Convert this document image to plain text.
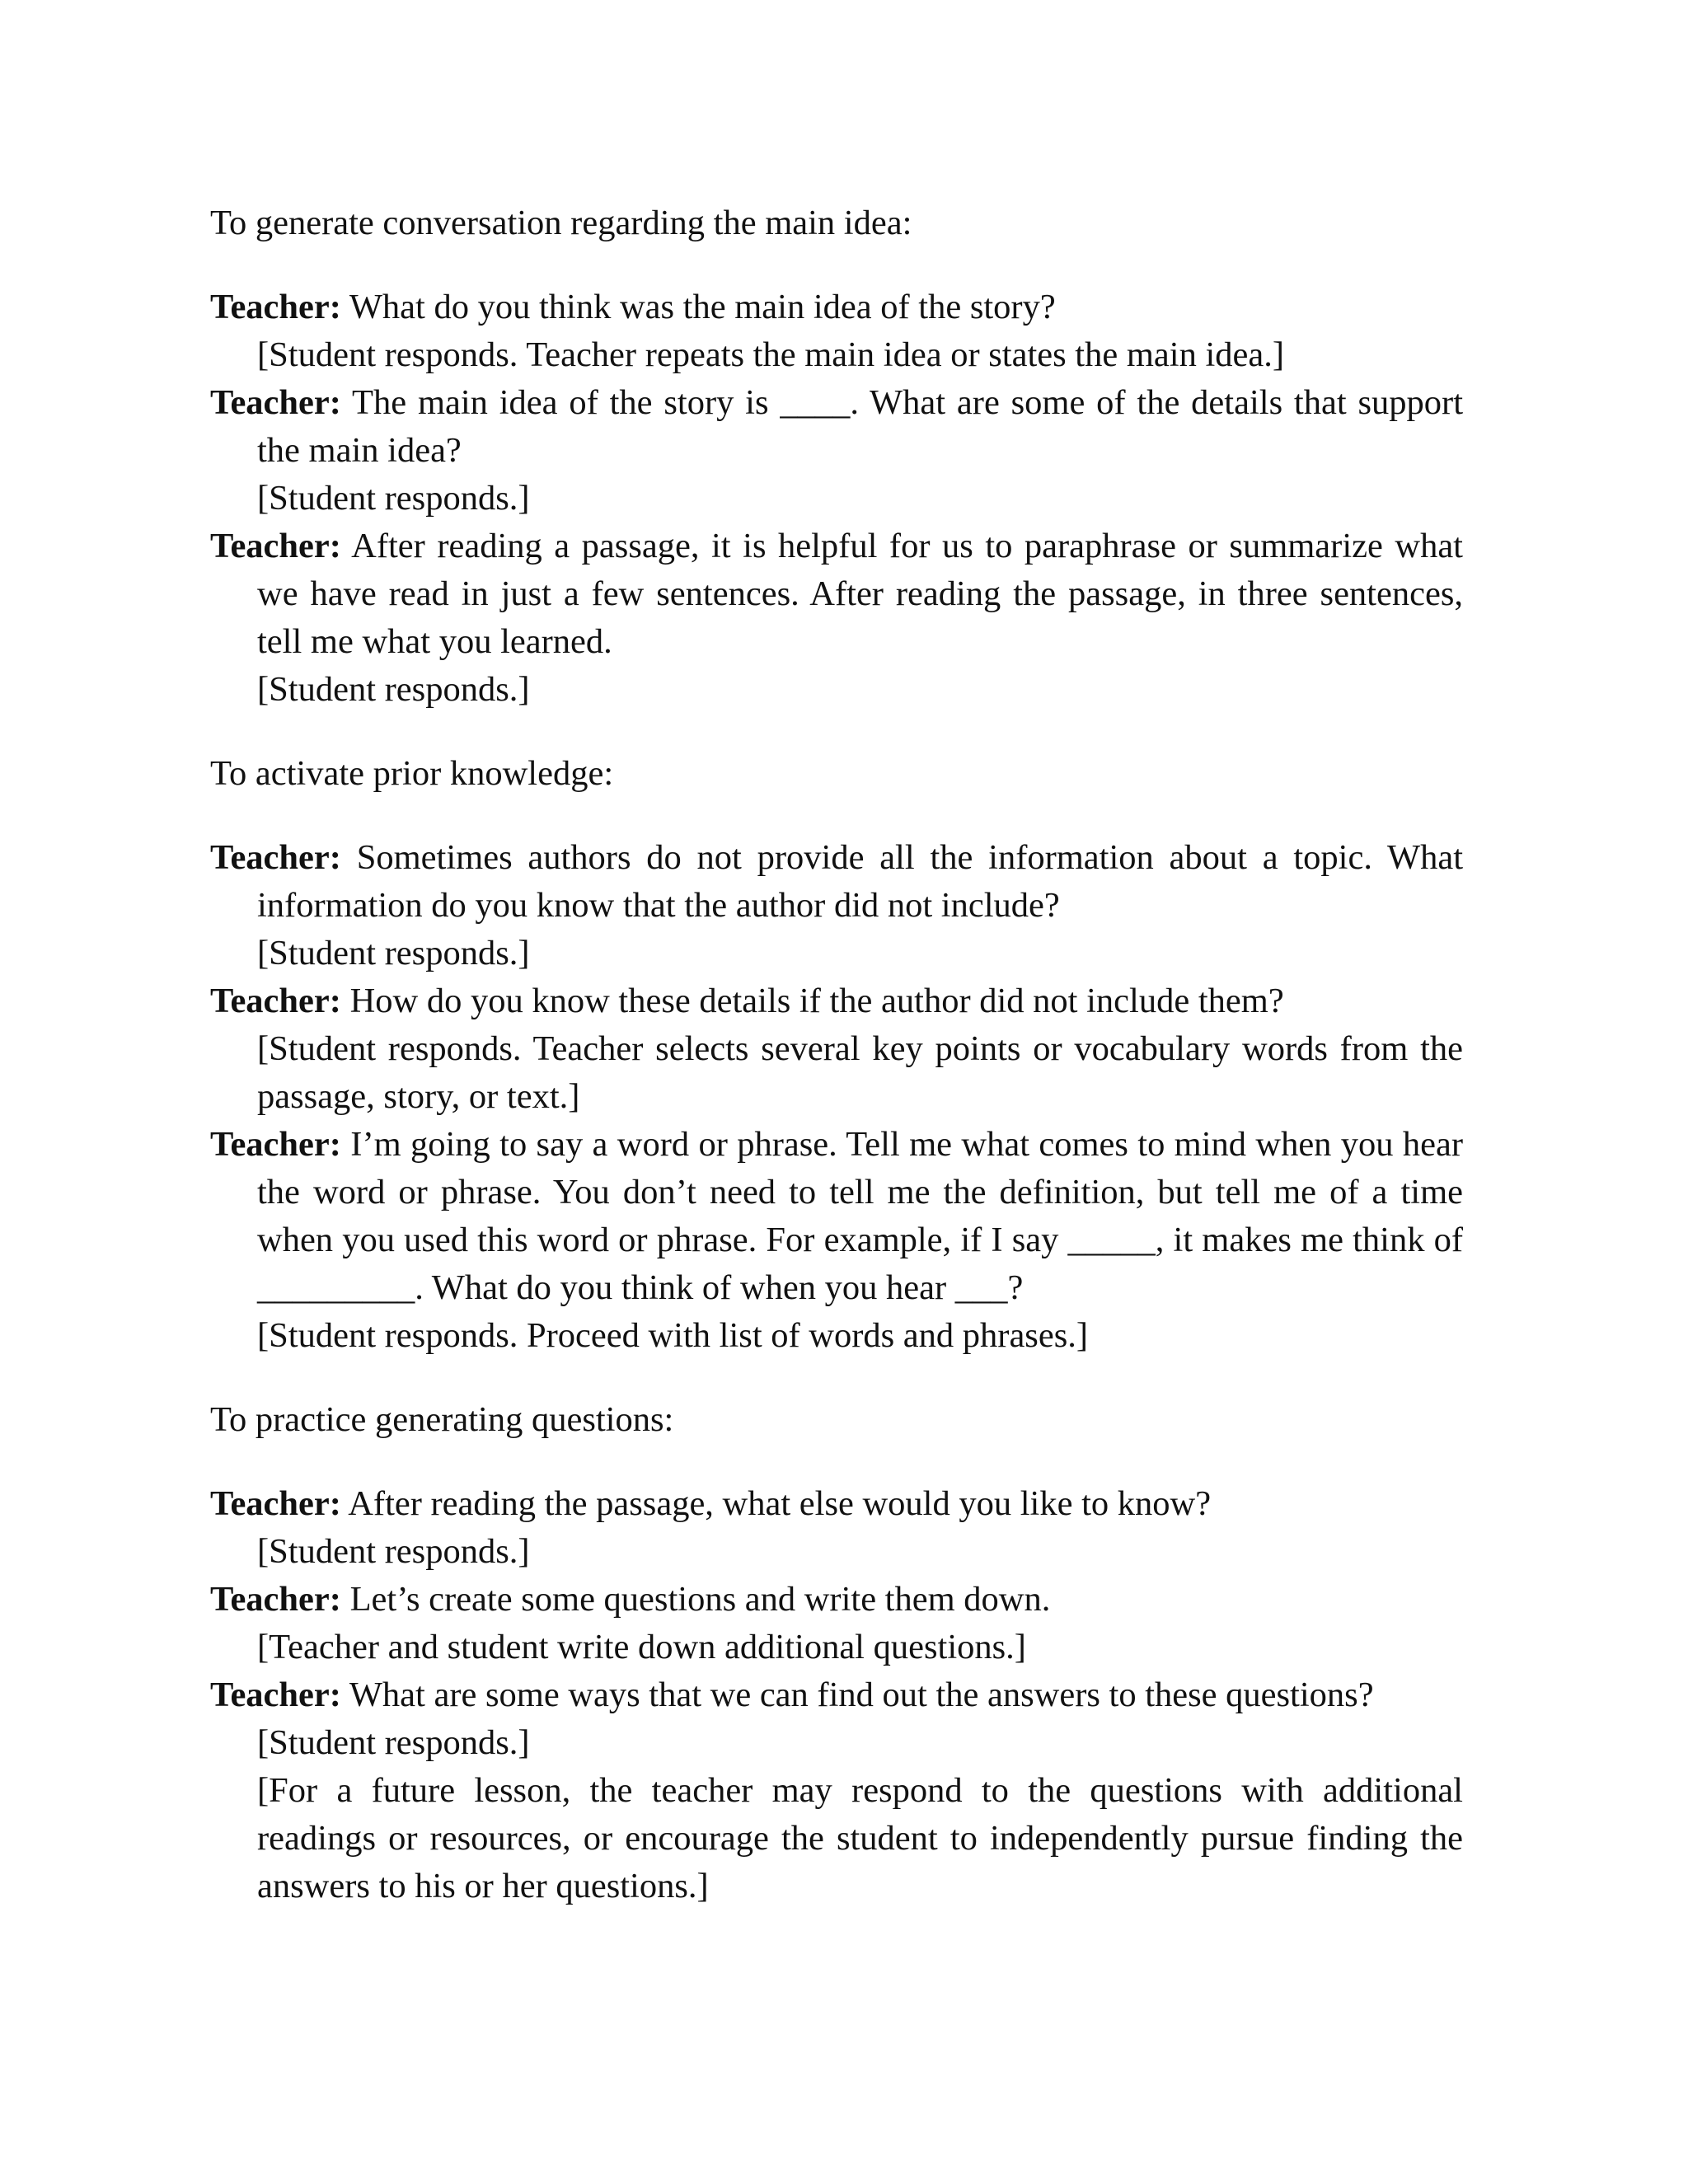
To generate conversation regarding the main idea:

Teacher: What do you think was the main idea of the story?

[Student responds. Teacher repeats the main idea or states the main idea.]

Teacher: The main idea of the story is ____. What are some of the details that support the main idea?

[Student responds.]

Teacher: After reading a passage, it is helpful for us to paraphrase or summarize what we have read in just a few sentences. After reading the passage, in three sentences, tell me what you learned.

[Student responds.]

To activate prior knowledge:

Teacher: Sometimes authors do not provide all the information about a topic. What information do you know that the author did not include?

[Student responds.]

Teacher: How do you know these details if the author did not include them?

[Student responds. Teacher selects several key points or vocabulary words from the passage, story, or text.]

Teacher: I’m going to say a word or phrase. Tell me what comes to mind when you hear the word or phrase. You don’t need to tell me the definition, but tell me of a time when you used this word or phrase. For example, if I say _____, it makes me think of _________. What do you think of when you hear ___?

[Student responds. Proceed with list of words and phrases.]

To practice generating questions:

Teacher: After reading the passage, what else would you like to know?

[Student responds.]

Teacher: Let’s create some questions and write them down.

[Teacher and student write down additional questions.]

Teacher: What are some ways that we can find out the answers to these questions?

[Student responds.]

[For a future lesson, the teacher may respond to the questions with additional readings or resources, or encourage the student to independently pursue finding the answers to his or her questions.]
